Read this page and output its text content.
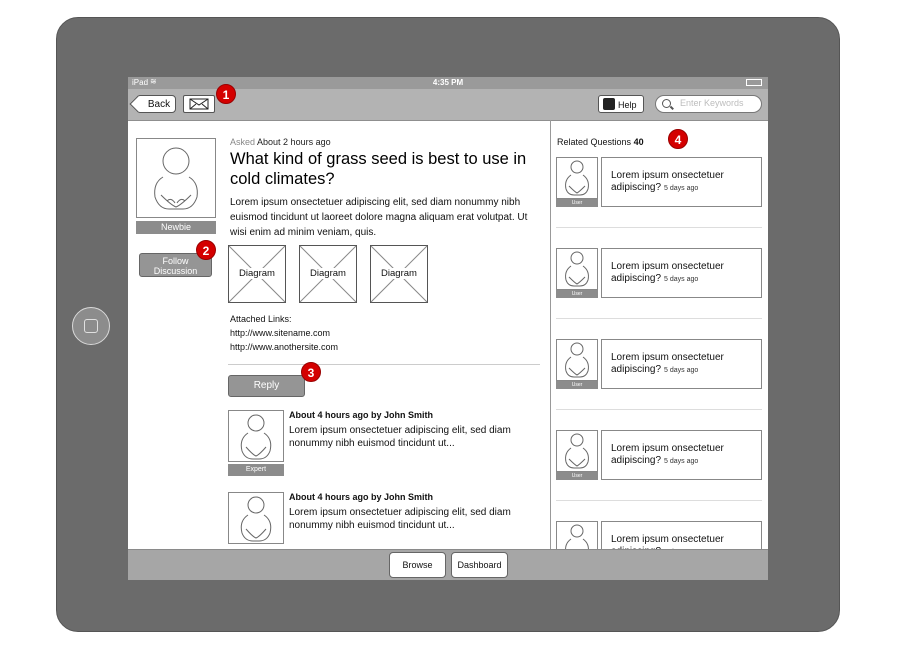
iPad ≋	4:35 PM
Back	Help
Enter Keywords
Newbie
Follow Discussion
Asked About 2 hours ago
What kind of grass seed is best to use in cold climates?
Lorem ipsum onsectetuer adipiscing elit, sed diam nonummy nibh euismod tincidunt ut laoreet dolore magna aliquam erat volutpat. Ut wisi enim ad minim veniam, quis.
Diagram	Diagram	Diagram
Attached Links:
http://www.sitename.com
http://www.anothersite.com
Reply
Expert
About 4 hours ago by John Smith
Lorem ipsum onsectetuer adipiscing elit, sed diam nonummy nibh euismod tincidunt ut...
About 4 hours ago by John Smith
Lorem ipsum onsectetuer adipiscing elit, sed diam nonummy nibh euismod tincidunt ut...
Related Questions 40
User
Lorem ipsum onsectetuer adipiscing? 5 days ago
User
Lorem ipsum onsectetuer adipiscing? 5 days ago
User
Lorem ipsum onsectetuer adipiscing? 5 days ago
User
Lorem ipsum onsectetuer adipiscing? 5 days ago
Lorem ipsum onsectetuer
Browse	Dashboard
1
2
3
4
